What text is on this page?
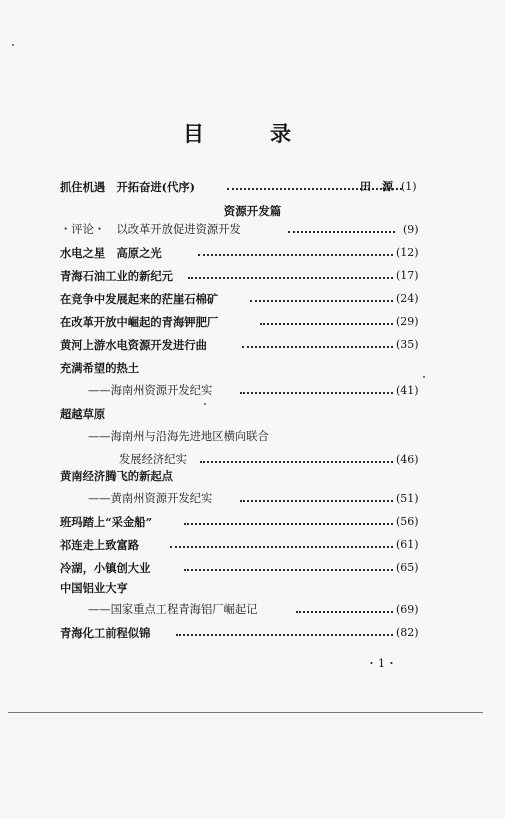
目	录
抓住机遇　开拓奋进(代序)	田　源 (1)
资源开发篇
・评论・　以改革开放促进资源开发	(9)
水电之星　高原之光	(12)
青海石油工业的新纪元	(17)
在竞争中发展起来的茫崖石棉矿	(24)
在改革开放中崛起的青海钾肥厂	(29)
黄河上游水电资源开发进行曲	(35)
充满希望的热土
——海南州资源开发纪实	(41)
超越草原
——海南州与沿海先进地区横向联合
发展经济纪实	(46)
黄南经济腾飞的新起点
——黄南州资源开发纪实	(51)
班玛踏上“采金船”	(56)
祁连走上致富路	(61)
冷湖，小镇创大业	(65)
中国铝业大亨
——国家重点工程青海铝厂崛起记	(69)
青海化工前程似锦	(82)
・1・
